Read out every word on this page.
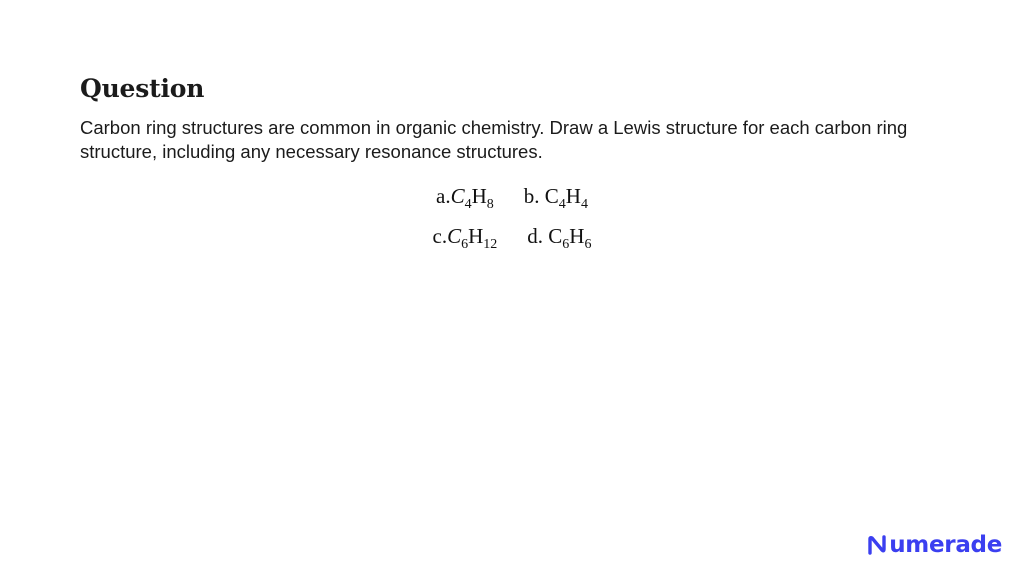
Question

Carbon ring structures are common in organic chemistry. Draw a Lewis structure for each carbon ring structure, including any necessary resonance structures.

$a.C_4H_8$ b. $C_4H_4$
$c.C_6H_{12}$ d. $C_6H_6$
umerade
